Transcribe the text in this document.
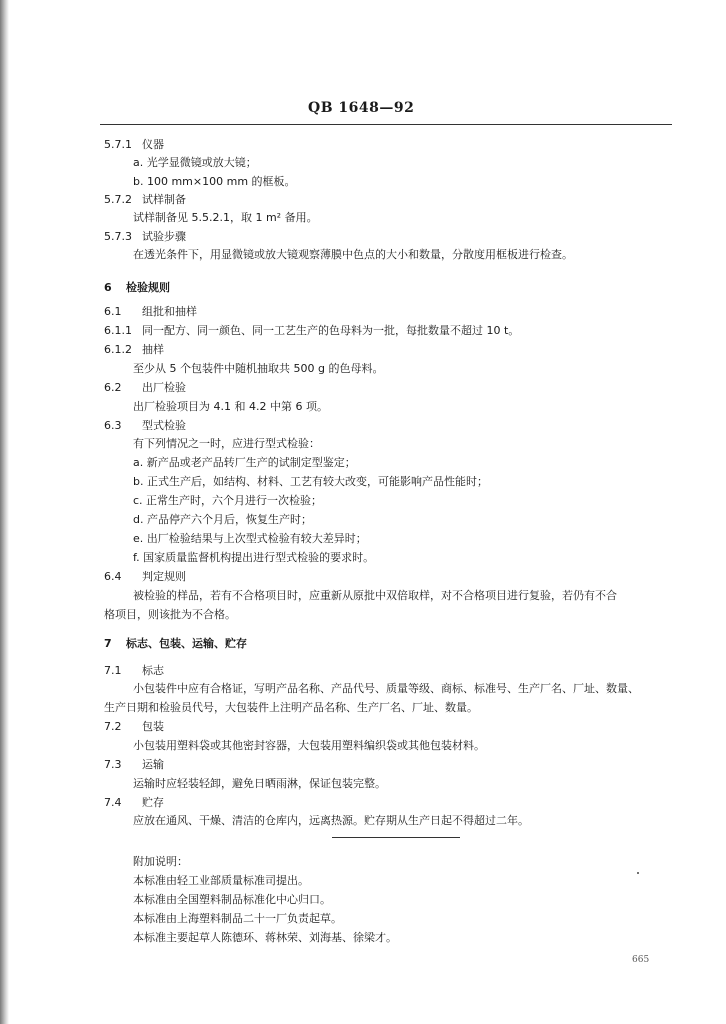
QB 1648—92
5.7.1 仪器
a. 光学显微镜或放大镜；
b. 100 mm×100 mm 的框板。
5.7.2 试样制备
试样制备见 5.5.2.1，取 1 m² 备用。
5.7.3 试验步骤
在透光条件下，用显微镜或放大镜观察薄膜中色点的大小和数量，分散度用框板进行检查。
6 检验规则
6.1 组批和抽样
6.1.1 同一配方、同一颜色、同一工艺生产的色母料为一批，每批数量不超过 10 t。
6.1.2 抽样
至少从 5 个包装件中随机抽取共 500 g 的色母料。
6.2 出厂检验
出厂检验项目为 4.1 和 4.2 中第 6 项。
6.3 型式检验
有下列情况之一时，应进行型式检验：
a. 新产品或老产品转厂生产的试制定型鉴定；
b. 正式生产后，如结构、材料、工艺有较大改变，可能影响产品性能时；
c. 正常生产时，六个月进行一次检验；
d. 产品停产六个月后，恢复生产时；
e. 出厂检验结果与上次型式检验有较大差异时；
f. 国家质量监督机构提出进行型式检验的要求时。
6.4 判定规则
被检验的样品，若有不合格项目时，应重新从原批中双倍取样，对不合格项目进行复验，若仍有不合
格项目，则该批为不合格。
7 标志、包装、运输、贮存
7.1 标志
小包装件中应有合格证，写明产品名称、产品代号、质量等级、商标、标准号、生产厂名、厂址、数量、
生产日期和检验员代号，大包装件上注明产品名称、生产厂名、厂址、数量。
7.2 包装
小包装用塑料袋或其他密封容器，大包装用塑料编织袋或其他包装材料。
7.3 运输
运输时应轻装轻卸，避免日晒雨淋，保证包装完整。
7.4 贮存
应放在通风、干燥、清洁的仓库内，远离热源。贮存期从生产日起不得超过二年。
附加说明：
本标准由轻工业部质量标准司提出。
本标准由全国塑料制品标准化中心归口。
本标准由上海塑料制品二十一厂负责起草。
本标准主要起草人陈德环、蒋林荣、刘海基、徐梁才。
665
